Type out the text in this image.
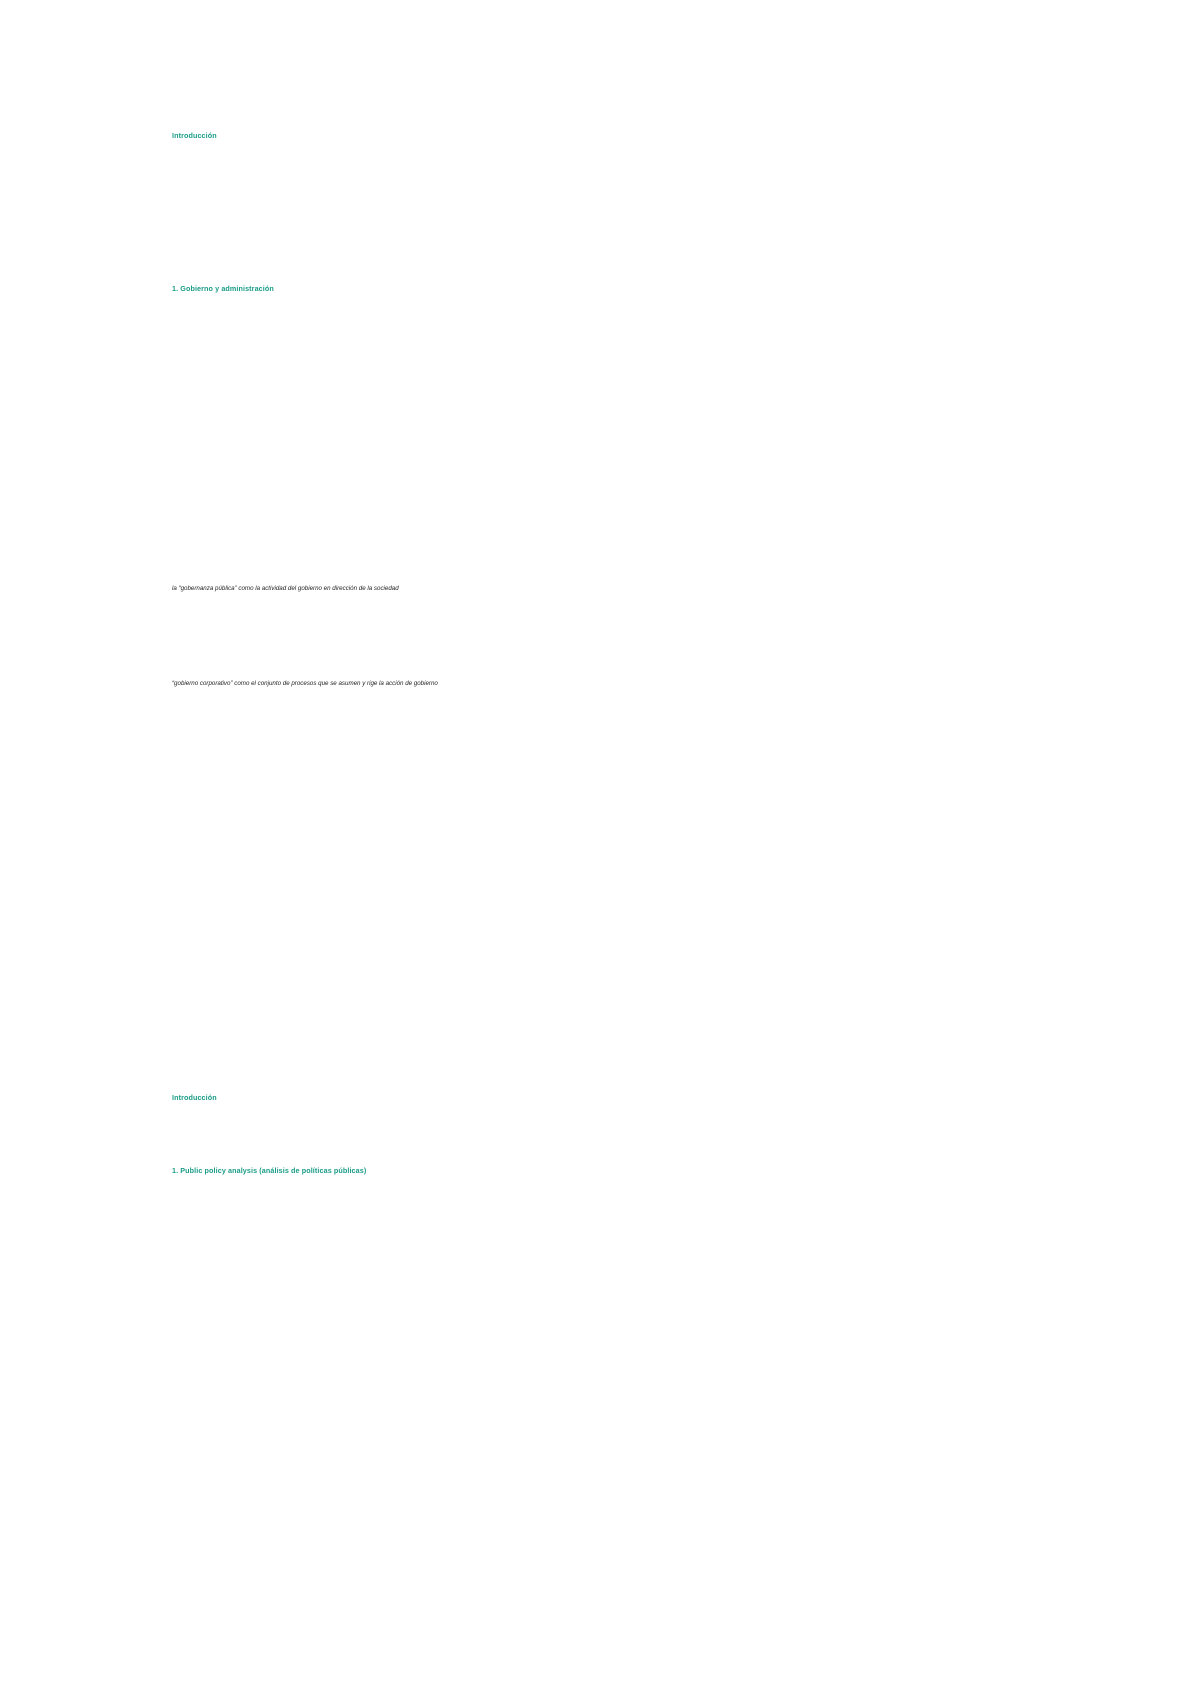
Introducción

1. Gobierno y administración

la “gobernanza pública” como la actividad del gobierno en dirección de la sociedad

“gobierno corporativo” como el conjunto de procesos que se asumen y rige la acción de gobierno

Introducción

1. Public policy analysis (análisis de políticas públicas)
